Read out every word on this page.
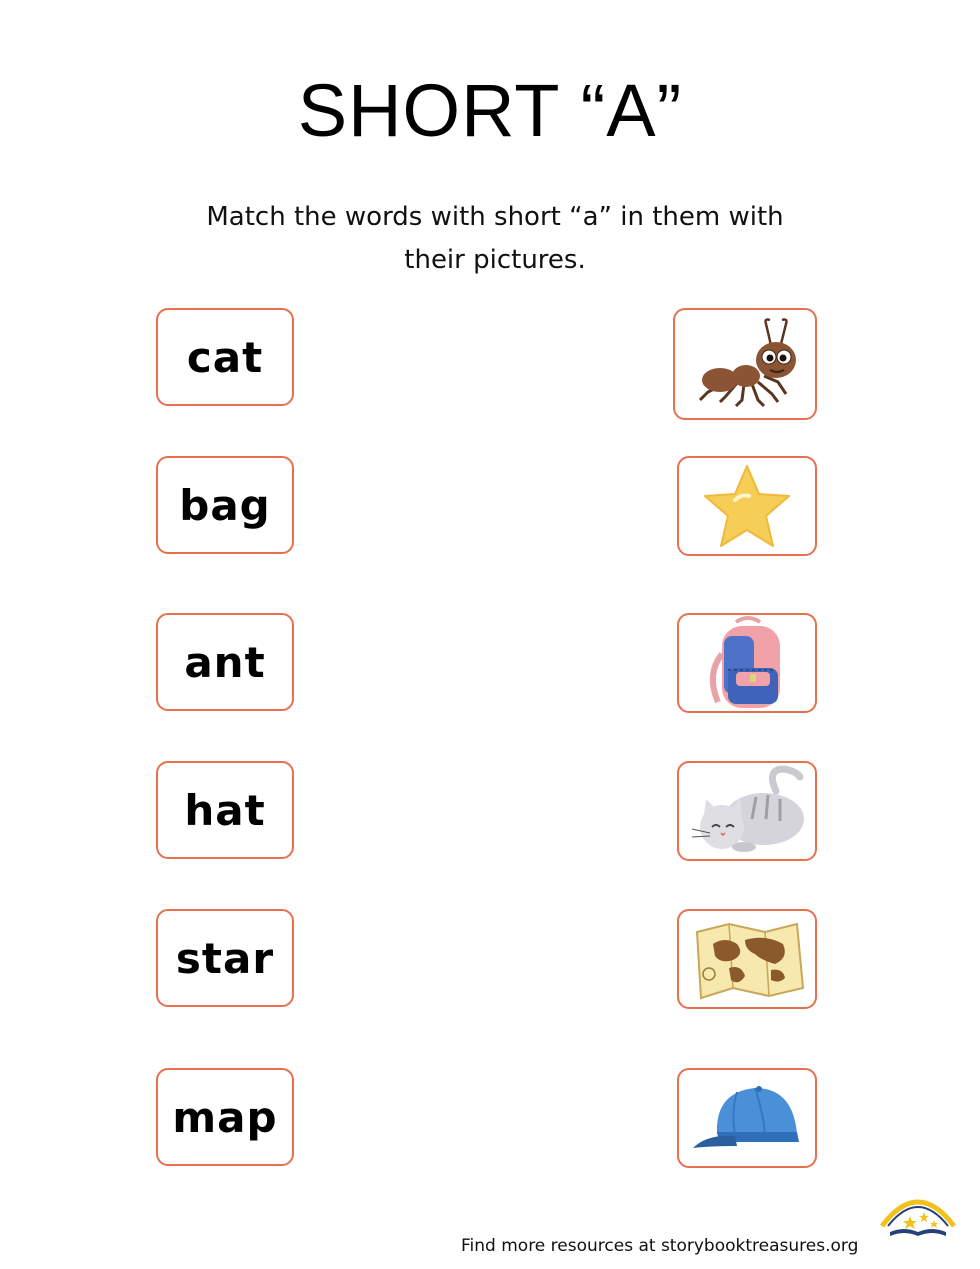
SHORT “A”
Match the words with short “a” in them with
their pictures.
cat
bag
ant
hat
star
map
Find more resources at storybooktreasures.org
